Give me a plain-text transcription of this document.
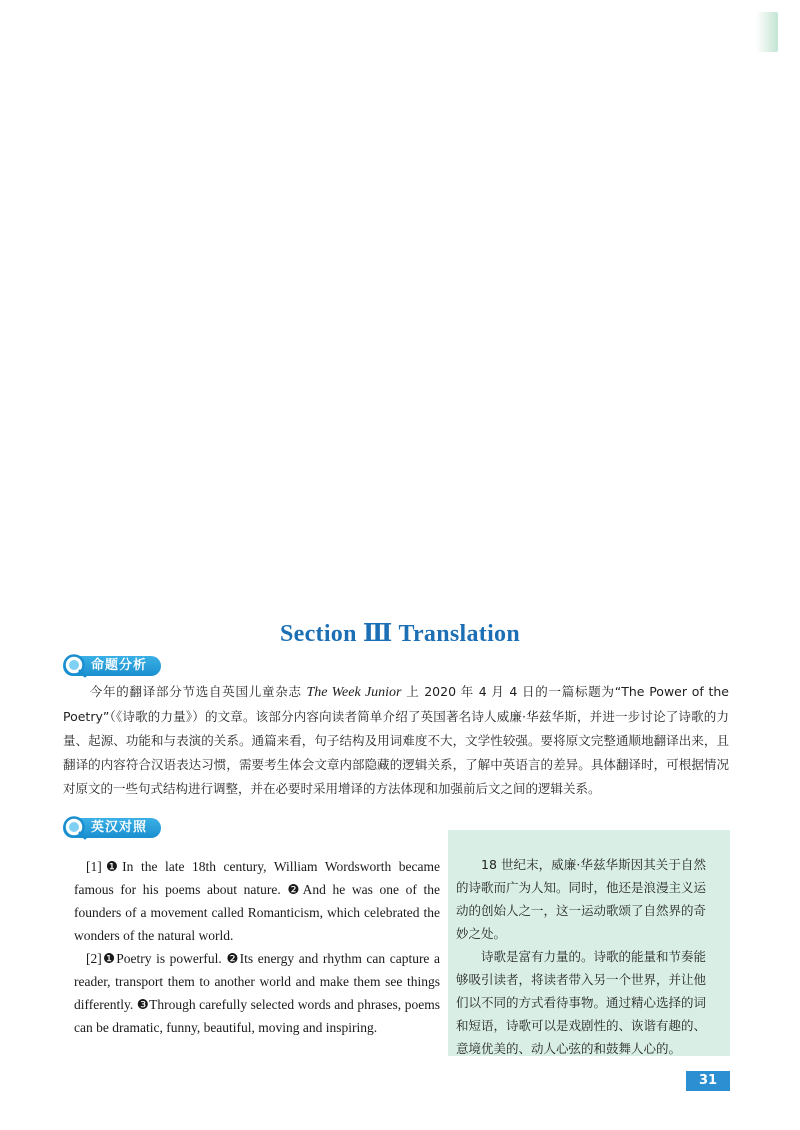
Section Ⅲ Translation
命题分析
今年的翻译部分节选自英国儿童杂志 The Week Junior 上 2020 年 4 月 4 日的一篇标题为“The Power of the Poetry”（《诗歌的力量》）的文章。该部分内容向读者简单介绍了英国著名诗人威廉·华兹华斯，并进一步讨论了诗歌的力量、起源、功能和与表演的关系。通篇来看，句子结构及用词难度不大，文学性较强。要将原文完整通顺地翻译出来，且翻译的内容符合汉语表达习惯，需要考生体会文章内部隐藏的逻辑关系，了解中英语言的差异。具体翻译时，可根据情况对原文的一些句式结构进行调整，并在必要时采用增译的方法体现和加强前后文之间的逻辑关系。
英汉对照

[1]❶In the late 18th century, William Wordsworth became famous for his poems about nature. ❷And he was one of the founders of a movement called Romanticism, which celebrated the wonders of the natural world.

[2]❶Poetry is powerful. ❷Its energy and rhythm can capture a reader, transport them to another world and make them see things differently. ❸Through carefully selected words and phrases, poems can be dramatic, funny, beautiful, moving and inspiring.

18 世纪末，威廉·华兹华斯因其关于自然的诗歌而广为人知。同时，他还是浪漫主义运动的创始人之一，这一运动歌颂了自然界的奇妙之处。

诗歌是富有力量的。诗歌的能量和节奏能够吸引读者，将读者带入另一个世界，并让他们以不同的方式看待事物。通过精心选择的词和短语，诗歌可以是戏剧性的、诙谐有趣的、意境优美的、动人心弦的和鼓舞人心的。

31
